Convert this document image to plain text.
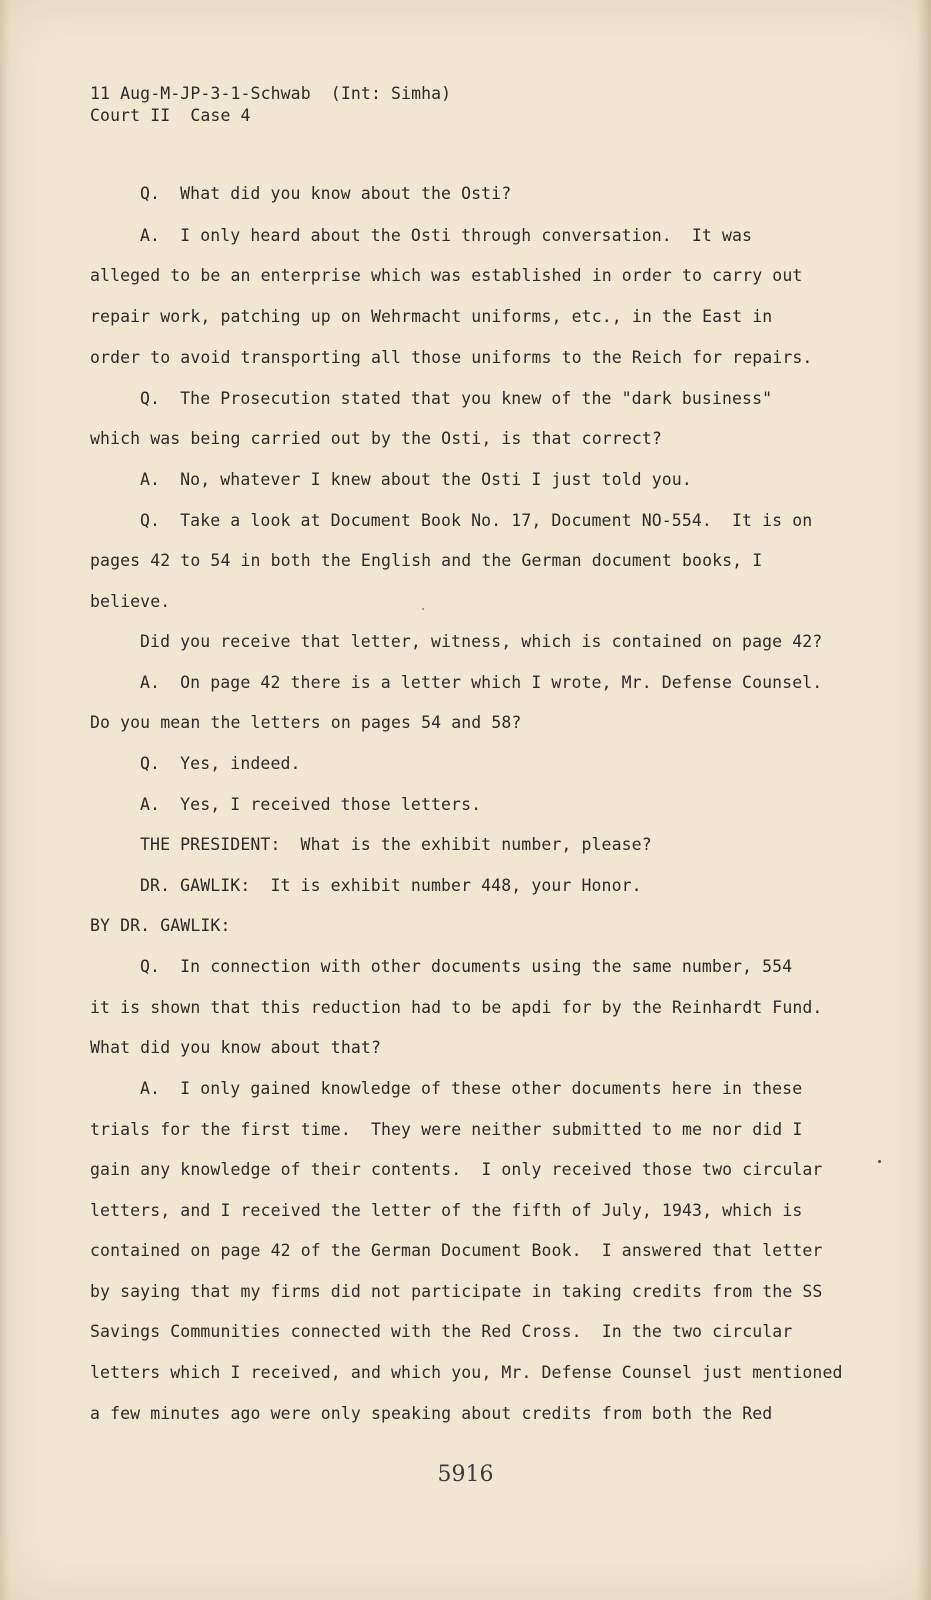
11 Aug-M-JP-3-1-Schwab  (Int: Simha)
Court II  Case 4
Q.  What did you know about the Osti?
A.  I only heard about the Osti through conversation.  It was
alleged to be an enterprise which was established in order to carry out
repair work, patching up on Wehrmacht uniforms, etc., in the East in
order to avoid transporting all those uniforms to the Reich for repairs.
Q.  The Prosecution stated that you knew of the "dark business"
which was being carried out by the Osti, is that correct?
A.  No, whatever I knew about the Osti I just told you.
Q.  Take a look at Document Book No. 17, Document NO-554.  It is on
pages 42 to 54 in both the English and the German document books, I
believe.
Did you receive that letter, witness, which is contained on page 42?
A.  On page 42 there is a letter which I wrote, Mr. Defense Counsel.
Do you mean the letters on pages 54 and 58?
Q.  Yes, indeed.
A.  Yes, I received those letters.
THE PRESIDENT:  What is the exhibit number, please?
DR. GAWLIK:  It is exhibit number 448, your Honor.
BY DR. GAWLIK:
Q.  In connection with other documents using the same number, 554
it is shown that this reduction had to be apdi for by the Reinhardt Fund.
What did you know about that?
A.  I only gained knowledge of these other documents here in these
trials for the first time.  They were neither submitted to me nor did I
gain any knowledge of their contents.  I only received those two circular
letters, and I received the letter of the fifth of July, 1943, which is
contained on page 42 of the German Document Book.  I answered that letter
by saying that my firms did not participate in taking credits from the SS
Savings Communities connected with the Red Cross.  In the two circular
letters which I received, and which you, Mr. Defense Counsel just mentioned
a few minutes ago were only speaking about credits from both the Red
5916
